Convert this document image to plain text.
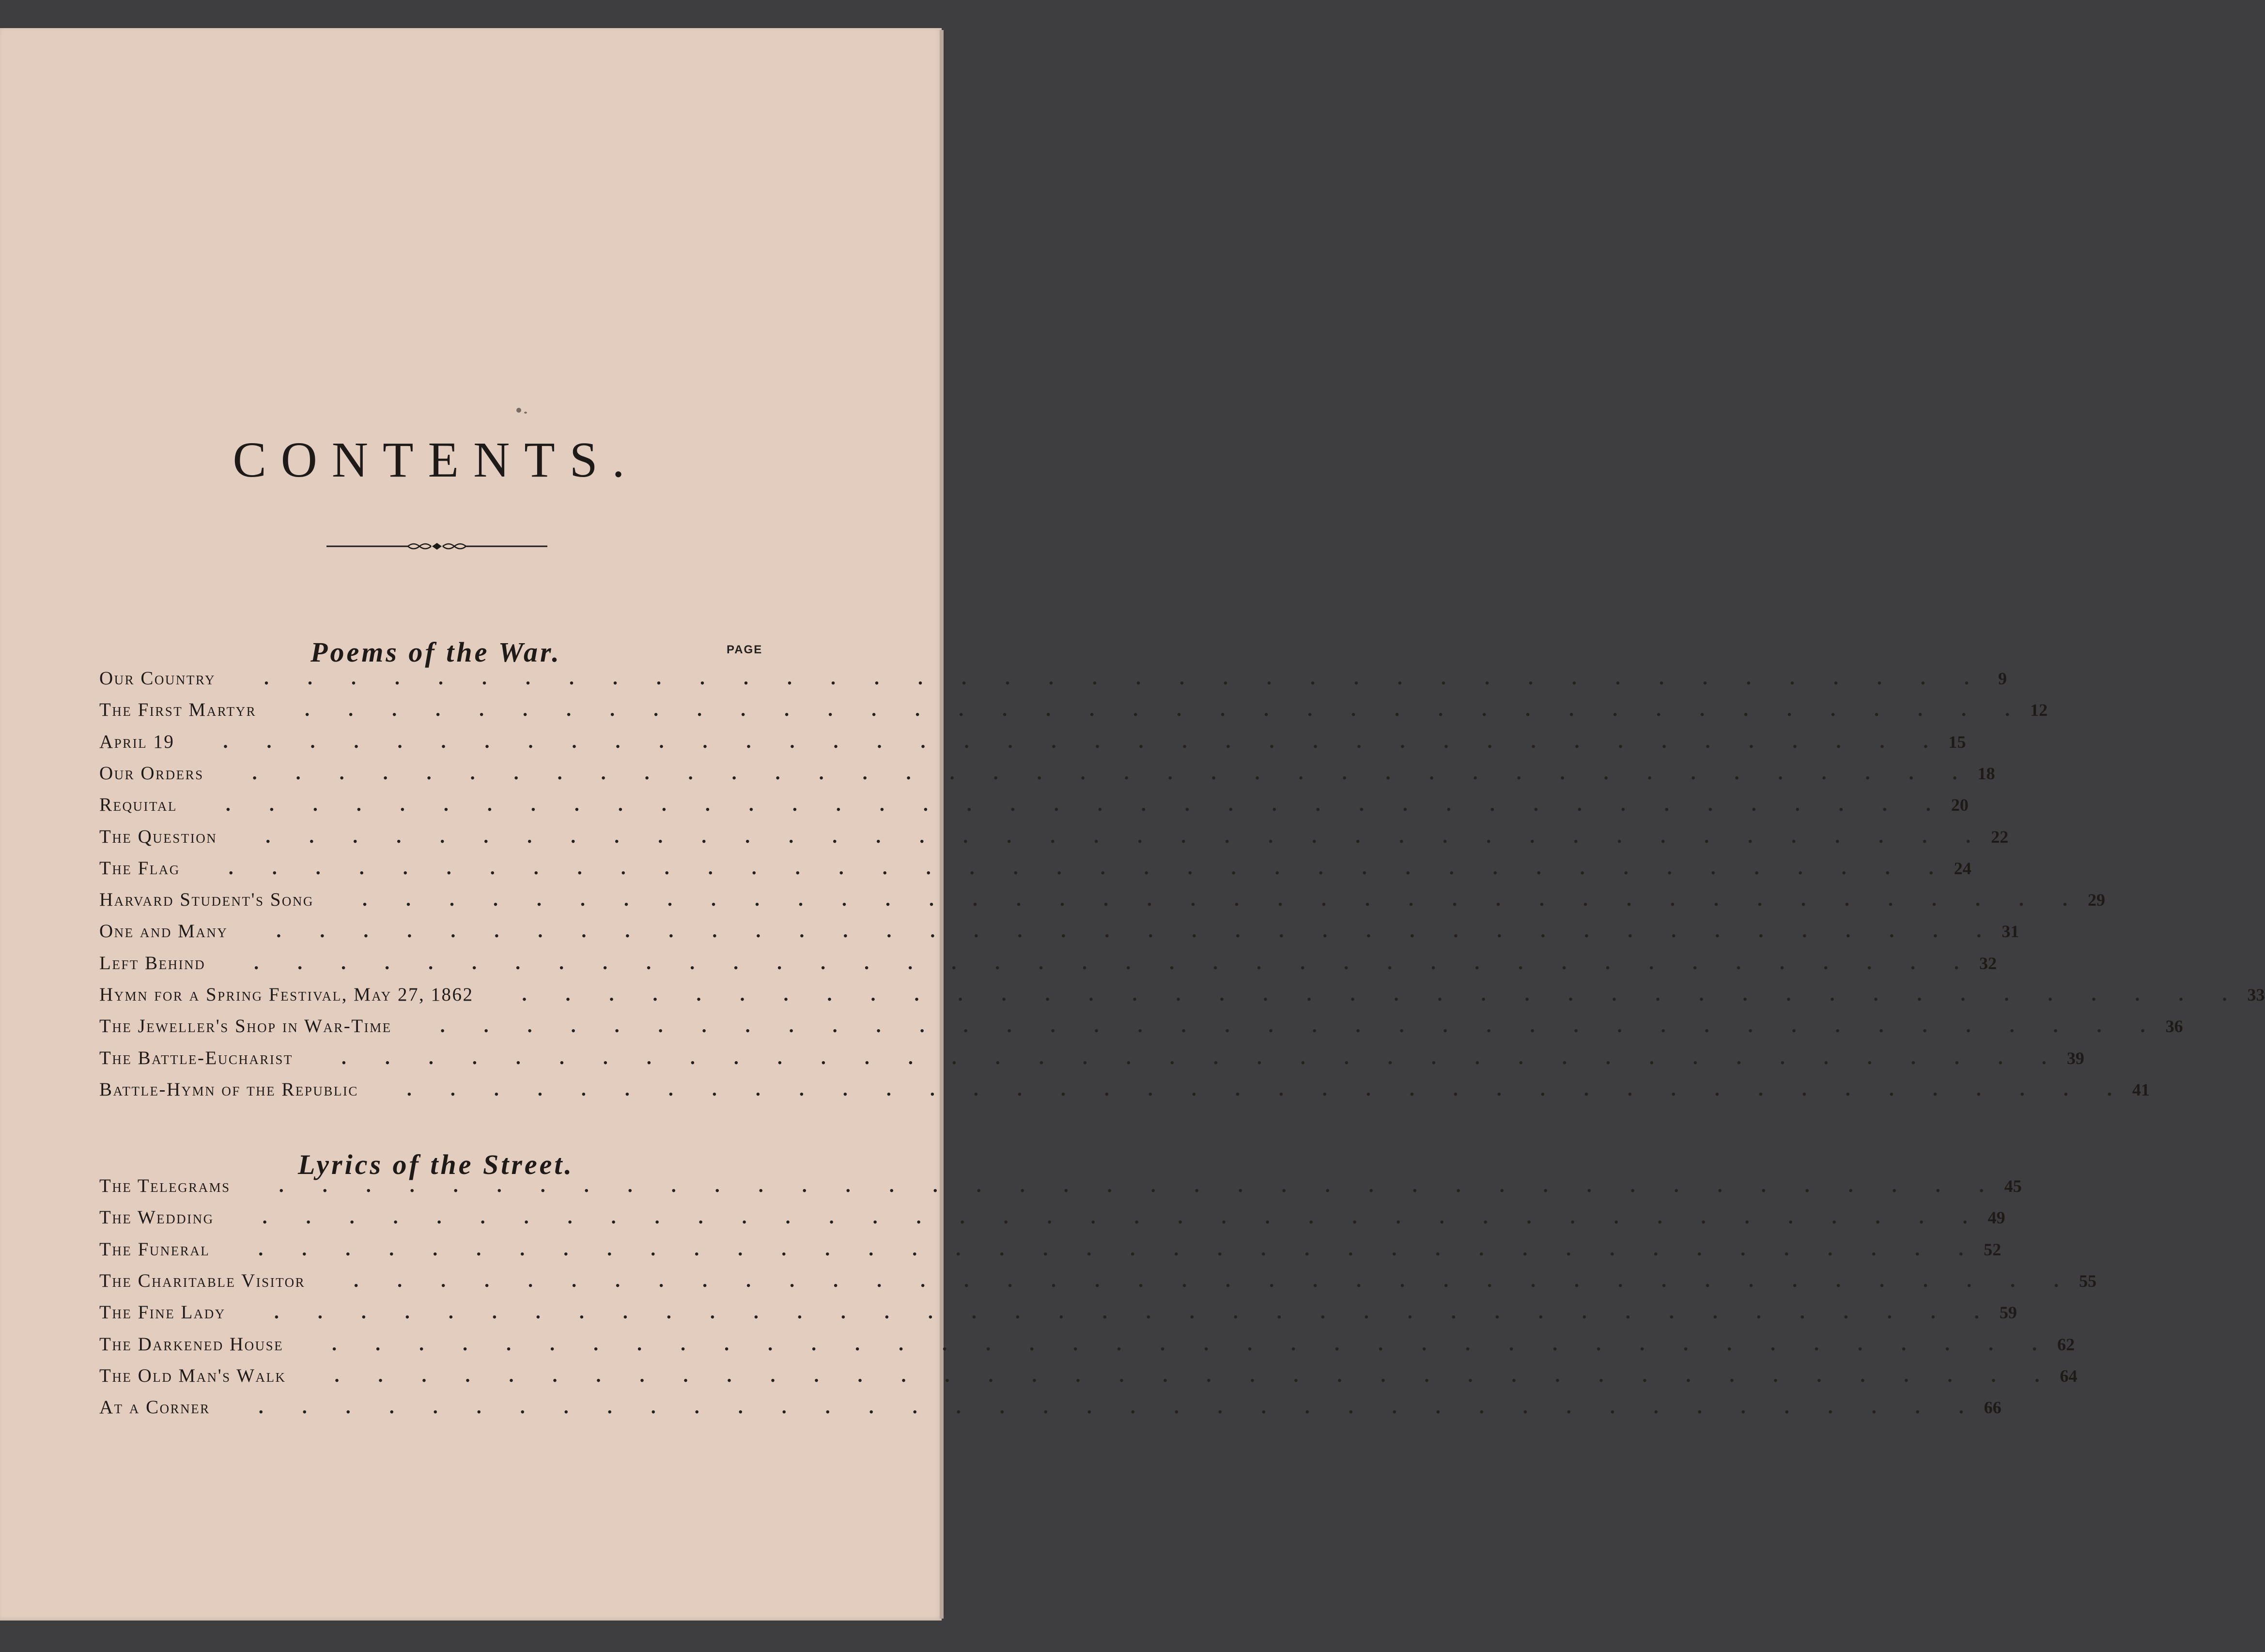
CONTENTS.
Poems of the War.	PAGE
Lyrics of the Street.
Our Country .  .  .  .  .  .  .  .  .  .  .  .  .  .  .  .  .  .  .  .  .  .  .  .  .  .  .  .  .  .  .  .  .  .  .  .  .  .  .  .  	9
The First Martyr .  .  .  .  .  .  .  .  .  .  .  .  .  .  .  .  .  .  .  .  .  .  .  .  .  .  .  .  .  .  .  .  .  .  .  .  .  .  .  .  	12
April 19 .  .  .  .  .  .  .  .  .  .  .  .  .  .  .  .  .  .  .  .  .  .  .  .  .  .  .  .  .  .  .  .  .  .  .  .  .  .  .  .  	15
Our Orders .  .  .  .  .  .  .  .  .  .  .  .  .  .  .  .  .  .  .  .  .  .  .  .  .  .  .  .  .  .  .  .  .  .  .  .  .  .  .  .  	18
Requital .  .  .  .  .  .  .  .  .  .  .  .  .  .  .  .  .  .  .  .  .  .  .  .  .  .  .  .  .  .  .  .  .  .  .  .  .  .  .  .  	20
The Question .  .  .  .  .  .  .  .  .  .  .  .  .  .  .  .  .  .  .  .  .  .  .  .  .  .  .  .  .  .  .  .  .  .  .  .  .  .  .  .  	22
The Flag .  .  .  .  .  .  .  .  .  .  .  .  .  .  .  .  .  .  .  .  .  .  .  .  .  .  .  .  .  .  .  .  .  .  .  .  .  .  .  .  	24
Harvard Student's Song .  .  .  .  .  .  .  .  .  .  .  .  .  .  .  .  .  .  .  .  .  .  .  .  .  .  .  .  .  .  .  .  .  .  .  .  .  .  .  .  	29
One and Many .  .  .  .  .  .  .  .  .  .  .  .  .  .  .  .  .  .  .  .  .  .  .  .  .  .  .  .  .  .  .  .  .  .  .  .  .  .  .  .  	31
Left Behind .  .  .  .  .  .  .  .  .  .  .  .  .  .  .  .  .  .  .  .  .  .  .  .  .  .  .  .  .  .  .  .  .  .  .  .  .  .  .  .  	32
Hymn for a Spring Festival, May 27, 1862 .  .  .  .  .  .  .  .  .  .  .  .  .  .  .  .  .  .  .  .  .  .  .  .  .  .  .  .  .  .  .  .  .  .  .  .  .  .  .  .  	33
The Jeweller's Shop in War-Time .  .  .  .  .  .  .  .  .  .  .  .  .  .  .  .  .  .  .  .  .  .  .  .  .  .  .  .  .  .  .  .  .  .  .  .  .  .  .  .  	36
The Battle-Eucharist .  .  .  .  .  .  .  .  .  .  .  .  .  .  .  .  .  .  .  .  .  .  .  .  .  .  .  .  .  .  .  .  .  .  .  .  .  .  .  .  	39
Battle-Hymn of the Republic .  .  .  .  .  .  .  .  .  .  .  .  .  .  .  .  .  .  .  .  .  .  .  .  .  .  .  .  .  .  .  .  .  .  .  .  .  .  .  .  	41
The Telegrams .  .  .  .  .  .  .  .  .  .  .  .  .  .  .  .  .  .  .  .  .  .  .  .  .  .  .  .  .  .  .  .  .  .  .  .  .  .  .  .  	45
The Wedding .  .  .  .  .  .  .  .  .  .  .  .  .  .  .  .  .  .  .  .  .  .  .  .  .  .  .  .  .  .  .  .  .  .  .  .  .  .  .  .  	49
The Funeral .  .  .  .  .  .  .  .  .  .  .  .  .  .  .  .  .  .  .  .  .  .  .  .  .  .  .  .  .  .  .  .  .  .  .  .  .  .  .  .  	52
The Charitable Visitor .  .  .  .  .  .  .  .  .  .  .  .  .  .  .  .  .  .  .  .  .  .  .  .  .  .  .  .  .  .  .  .  .  .  .  .  .  .  .  .  	55
The Fine Lady .  .  .  .  .  .  .  .  .  .  .  .  .  .  .  .  .  .  .  .  .  .  .  .  .  .  .  .  .  .  .  .  .  .  .  .  .  .  .  .  	59
The Darkened House .  .  .  .  .  .  .  .  .  .  .  .  .  .  .  .  .  .  .  .  .  .  .  .  .  .  .  .  .  .  .  .  .  .  .  .  .  .  .  .  	62
The Old Man's Walk .  .  .  .  .  .  .  .  .  .  .  .  .  .  .  .  .  .  .  .  .  .  .  .  .  .  .  .  .  .  .  .  .  .  .  .  .  .  .  .  	64
At a Corner .  .  .  .  .  .  .  .  .  .  .  .  .  .  .  .  .  .  .  .  .  .  .  .  .  .  .  .  .  .  .  .  .  .  .  .  .  .  .  .  	66
